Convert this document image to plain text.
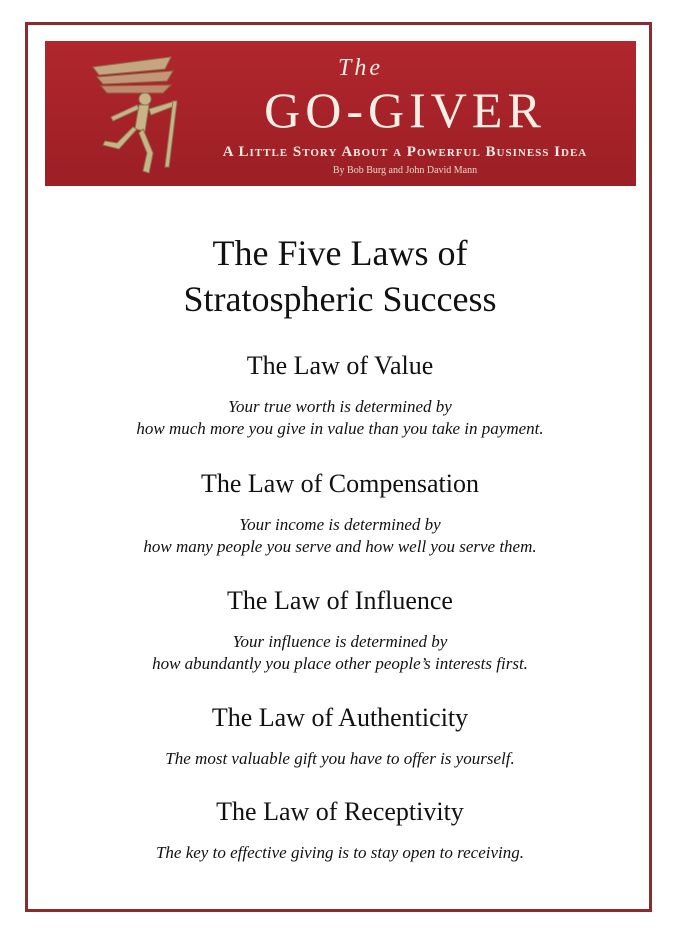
The
GO-GIVER
A Little Story About a Powerful Business Idea
By Bob Burg and John David Mann
The Five Laws of
Stratospheric Success
The Law of Value
Your true worth is determined by
how much more you give in value than you take in payment.
The Law of Compensation
Your income is determined by
how many people you serve and how well you serve them.
The Law of Influence
Your influence is determined by
how abundantly you place other people’s interests first.
The Law of Authenticity
The most valuable gift you have to offer is yourself.
The Law of Receptivity
The key to effective giving is to stay open to receiving.
